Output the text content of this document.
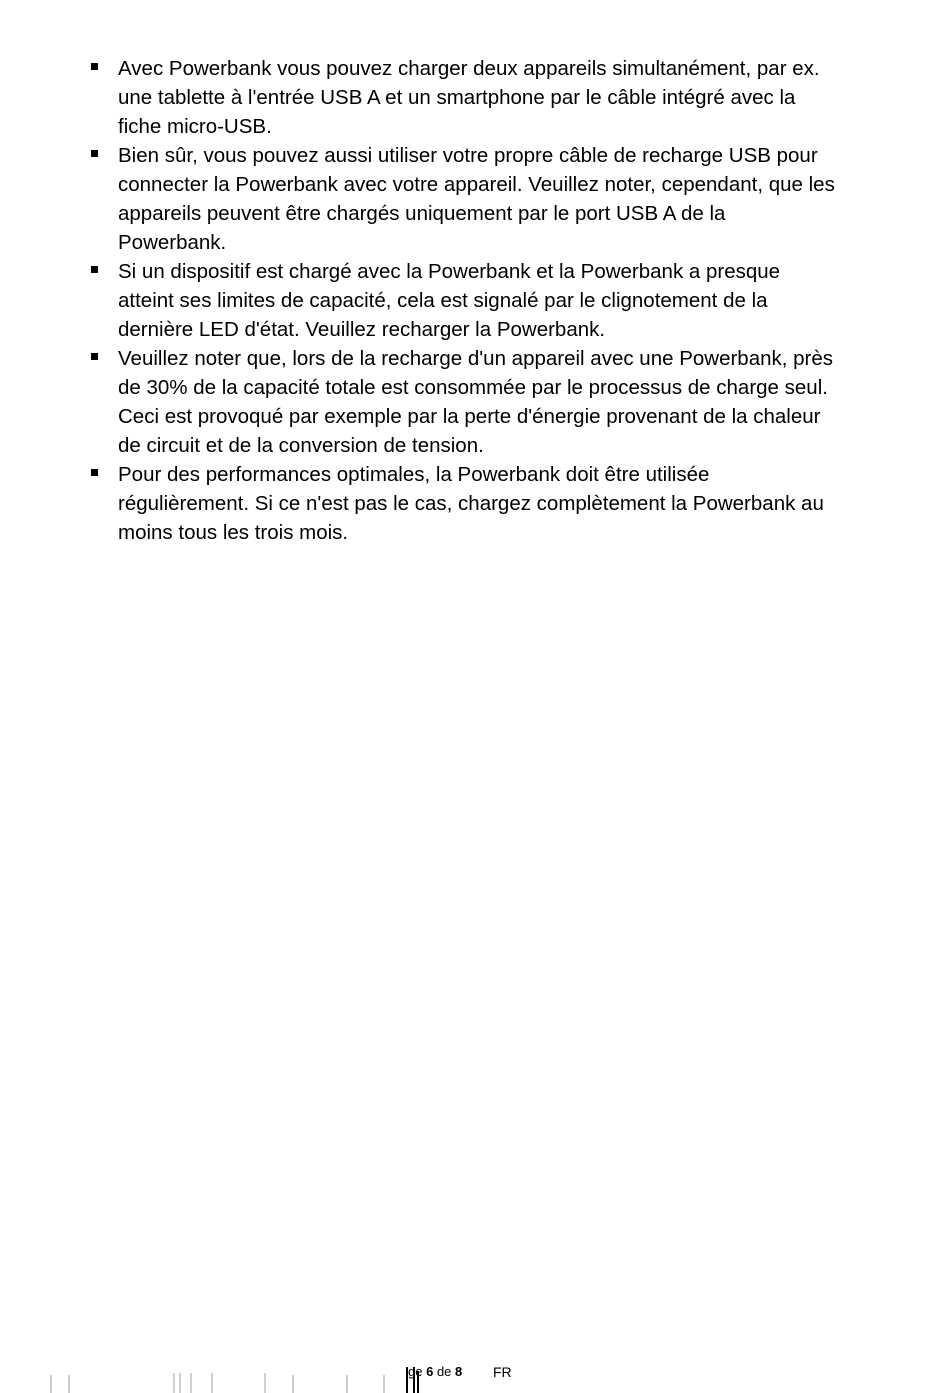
Avec Powerbank vous pouvez charger deux appareils simultanément, par ex. une tablette à l'entrée USB A et un smartphone par le câble intégré avec la fiche micro-USB.
Bien sûr, vous pouvez aussi utiliser votre propre câble de recharge USB pour connecter la Powerbank avec votre appareil. Veuillez noter, cependant, que les appareils peuvent être chargés uniquement par le port USB A de la Powerbank.
Si un dispositif est chargé avec la Powerbank et la Powerbank a presque atteint ses limites de capacité, cela est signalé par le clignotement de la dernière LED d'état. Veuillez recharger la Powerbank.
Veuillez noter que, lors de la recharge d'un appareil avec une Powerbank, près de 30% de la capacité totale est consommée par le processus de charge seul. Ceci est provoqué par exemple par la perte d'énergie provenant de la chaleur de circuit et de la conversion de tension.
Pour des performances optimales, la Powerbank doit être utilisée régulièrement. Si ce n'est pas le cas, chargez complètement la Powerbank au moins tous les trois mois.
ge 6 de 8 FR
